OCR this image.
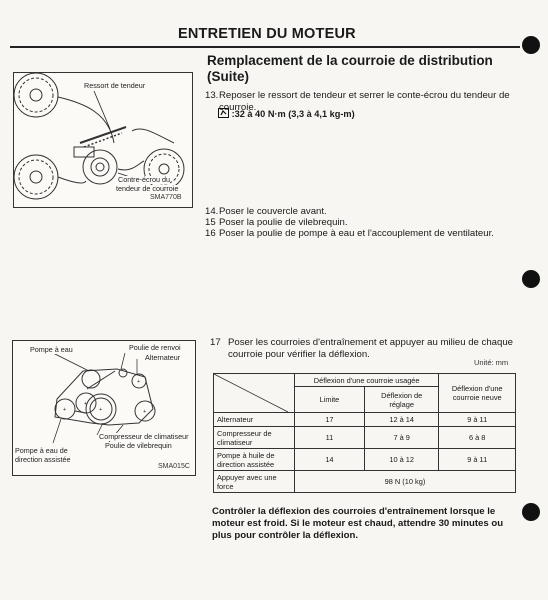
ENTRETIEN DU MOTEUR
Ressort de tendeur
Contre-écrou du
tendeur de courroie
SMA770B
Remplacement de la courroie de distribution (Suite)
13. Reposer le ressort de tendeur et serrer le conte-écrou du tendeur de courroie.
:32 à 40 N·m (3,3 à 4,1 kg-m)
14. Poser le couvercle avant.
15 Poser la poulie de vilebrequin.
16 Poser la poulie de pompe à eau et l'accouplement de ventilateur.
+	+	+
+
+
Pompe à eau	Poulie de renvoi
Alternateur
Compresseur de climatiseur
Poulie de vilebrequin
Pompe à eau de
direction assistée
SMA015C
17 Poser les courroies d'entraînement et appuyer au milieu de chaque courroie pour vérifier la déflexion.
Unité: mm
	Déflexion d'une courroie usagée		Déflexion d'une courroie neuve
	Limite	Déflexion de réglage	
Alternateur	17	12 à 14	9 à 11
Compresseur de climatiseur	11	7 à 9	6 à 8
Pompe à huile de direction assistée	14	10 à 12	9 à 11
Appuyer avec une force	98 N (10 kg)		
Contrôler la déflexion des courroies d'entraînement lorsque le moteur est froid. Si le moteur est chaud, attendre 30 minutes ou plus pour contrôler la déflexion.
